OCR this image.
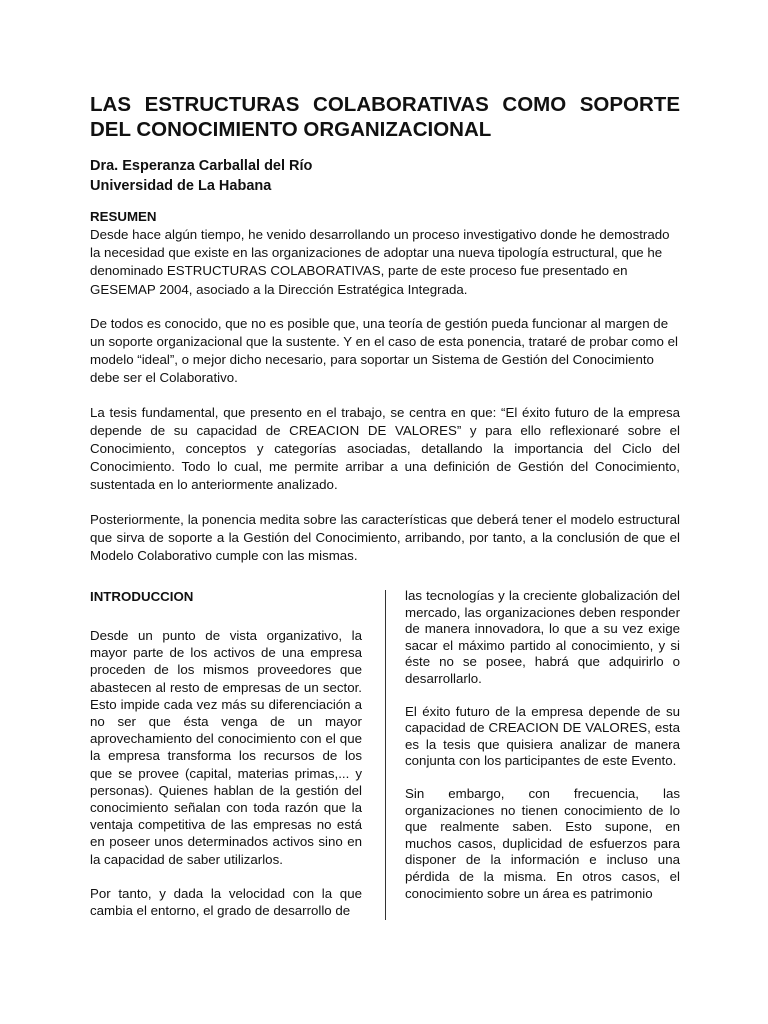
LAS ESTRUCTURAS COLABORATIVAS COMO SOPORTE DEL CONOCIMIENTO ORGANIZACIONAL
Dra. Esperanza Carballal del Río
Universidad de La Habana
RESUMEN

Desde hace algún tiempo, he venido desarrollando un proceso investigativo donde he demostrado la necesidad que existe en las organizaciones de adoptar una nueva tipología estructural, que he denominado ESTRUCTURAS COLABORATIVAS, parte de este proceso fue presentado en GESEMAP 2004, asociado a la Dirección Estratégica Integrada.

De todos es conocido, que no es posible que, una teoría de gestión pueda funcionar al margen de un soporte organizacional que la sustente. Y en el caso de esta ponencia, trataré de probar como el modelo “ideal”, o mejor dicho necesario, para soportar un Sistema de Gestión del Conocimiento debe ser el Colaborativo.

La tesis fundamental, que presento en el trabajo, se centra en que: “El éxito futuro de la empresa depende de su capacidad de CREACION DE VALORES” y para ello reflexionaré sobre el Conocimiento, conceptos y categorías asociadas, detallando la importancia del Ciclo del Conocimiento. Todo lo cual, me permite arribar a una definición de Gestión del Conocimiento, sustentada en lo anteriormente analizado.

Posteriormente, la ponencia medita sobre las características que deberá tener el modelo estructural que sirva de soporte a la Gestión del Conocimiento, arribando, por tanto, a la conclusión de que el Modelo Colaborativo cumple con las mismas.

INTRODUCCION

Desde un punto de vista organizativo, la mayor parte de los activos de una empresa proceden de los mismos proveedores que abastecen al resto de empresas de un sector. Esto impide cada vez más su diferenciación a no ser que ésta venga de un mayor aprovechamiento del conocimiento con el que la empresa transforma los recursos de los que se provee (capital, materias primas,... y personas). Quienes hablan de la gestión del conocimiento señalan con toda razón que la ventaja competitiva de las empresas no está en poseer unos determinados activos sino en la capacidad de saber utilizarlos.

Por tanto, y dada la velocidad con la que cambia el entorno, el grado de desarrollo de

las tecnologías y la creciente globalización del mercado, las organizaciones deben responder de manera innovadora, lo que a su vez exige sacar el máximo partido al conocimiento, y si éste no se posee, habrá que adquirirlo o desarrollarlo.

El éxito futuro de la empresa depende de su capacidad de CREACION DE VALORES, esta es la tesis que quisiera analizar de manera conjunta con los participantes de este Evento.

Sin embargo, con frecuencia, las organizaciones no tienen conocimiento de lo que realmente saben. Esto supone, en muchos casos, duplicidad de esfuerzos para disponer de la información e incluso una pérdida de la misma. En otros casos, el conocimiento sobre un área es patrimonio
